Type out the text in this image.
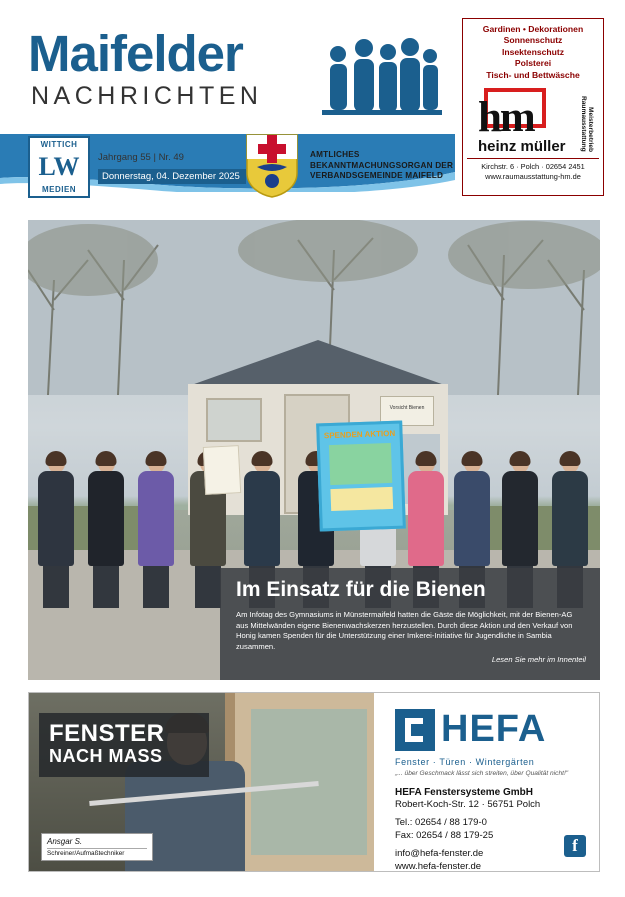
Maifelder
NACHRICHTEN
WITTICH
LW
MEDIEN
Jahrgang 55 | Nr. 49
Donnerstag, 04. Dezember 2025
AMTLICHES BEKANNTMACHUNGSORGAN DER VERBANDSGEMEINDE MAIFELD
Gardinen • Dekorationen
Sonnenschutz
Insektenschutz
Polsterei
Tisch- und Bettwäsche
hm
heinz müller	Meisterbetrieb Raumausstattung
Kirchstr. 6 · Polch · 02654 2451
www.raumausstattung-hm.de
Vorsicht Bienen
SPENDEN AKTION
Im Einsatz für die Bienen
Am Infotag des Gymnasiums in Münstermaifeld hatten die Gäste die Möglichkeit, mit der Bienen-AG aus Mittelwänden eigene Bienenwachskerzen herzustellen. Durch diese Aktion und den Verkauf von Honig kamen Spenden für die Unterstützung einer Imkerei-Initiative für Jugendliche in Sambia zusammen.
Lesen Sie mehr im Innenteil
FENSTER
NACH MASS
Ansgar S.
Schreiner/Aufmaßtechniker
HEFA
Fenster · Türen · Wintergärten
„... über Geschmack lässt sich streiten, über Qualität nicht!"
HEFA Fenstersysteme GmbH
Robert-Koch-Str. 12 · 56751 Polch
Tel.: 02654 / 88 179-0
Fax: 02654 / 88 179-25
info@hefa-fenster.de
www.hefa-fenster.de
f
